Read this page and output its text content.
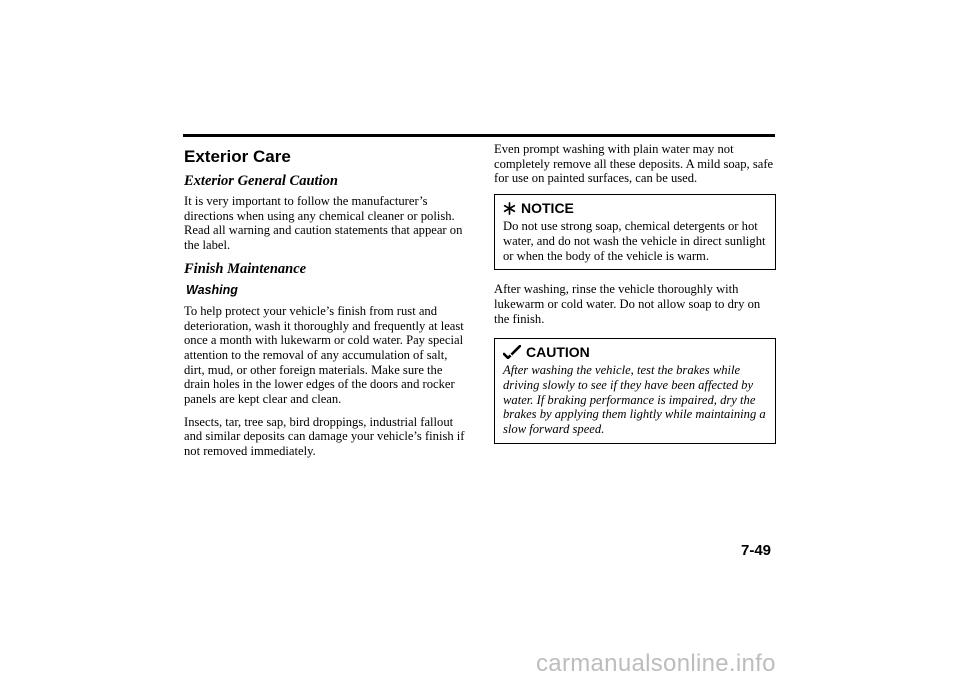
Exterior Care
Exterior General Caution

It is very important to follow the manufacturer’s directions when using any chemical cleaner or polish. Read all warning and caution statements that appear on the label.

Finish Maintenance
Washing

To help protect your vehicle’s finish from rust and deterioration, wash it thoroughly and frequently at least once a month with lukewarm or cold water. Pay special attention to the removal of any accumulation of salt, dirt, mud, or other foreign materials. Make sure the drain holes in the lower edges of the doors and rocker panels are kept clear and clean.

Insects, tar, tree sap, bird droppings, industrial fallout and similar deposits can damage your vehicle’s finish if not removed immediately.

Even prompt washing with plain water may not completely remove all these deposits. A mild soap, safe for use on painted surfaces, can be used.

NOTICE

Do not use strong soap, chemical detergents or hot water, and do not wash the vehicle in direct sunlight or when the body of the vehicle is warm.

After washing, rinse the vehicle thoroughly with lukewarm or cold water. Do not allow soap to dry on the finish.

CAUTION

After washing the vehicle, test the brakes while driving slowly to see if they have been affected by water. If braking performance is impaired, dry the brakes by applying them lightly while maintaining a slow forward speed.

7-49
carmanualsonline.info
